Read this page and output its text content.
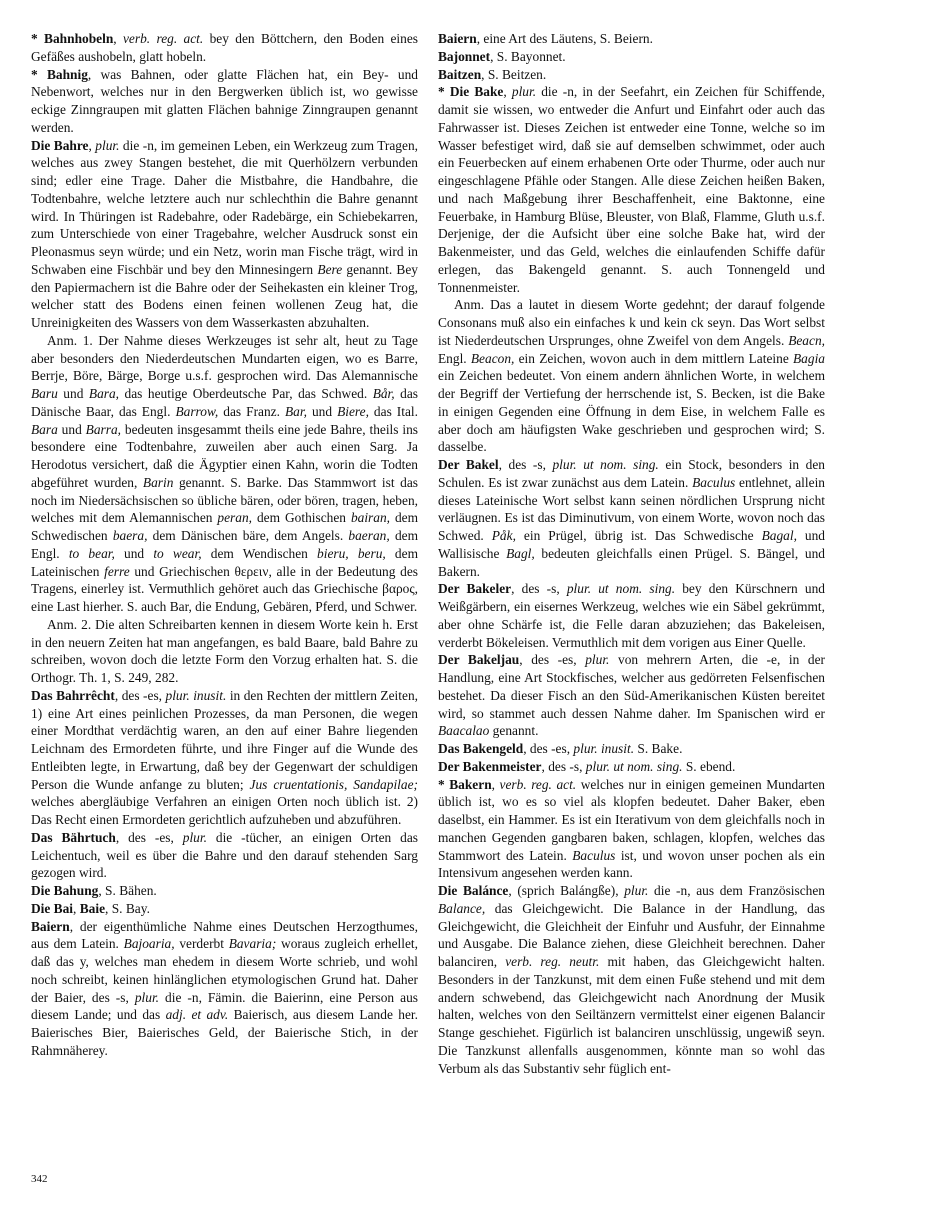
* Bahnhobeln, verb. reg. act. bey den Böttchern, den Boden eines Gefäßes aushobeln, glatt hobeln.

* Bahnig, was Bahnen, oder glatte Flächen hat, ein Bey- und Nebenwort, welches nur in den Bergwerken üblich ist, wo gewisse eckige Zinngraupen mit glatten Flächen bahnige Zinngraupen genannt werden.

Die Bahre, plur. die -n, im gemeinen Leben, ein Werkzeug zum Tragen, welches aus zwey Stangen bestehet, die mit Querhölzern verbunden sind; edler eine Trage. Daher die Mistbahre, die Handbahre, die Todtenbahre, welche letztere auch nur schlechthin die Bahre genannt wird. In Thüringen ist Radebahre, oder Radebärge, ein Schiebekarren, zum Unterschiede von einer Tragebahre, welcher Ausdruck sonst ein Pleonasmus seyn würde; und ein Netz, worin man Fische trägt, wird in Schwaben eine Fischbär und bey den Minnesingern Bere genannt. Bey den Papiermachern ist die Bahre oder der Seihekasten ein kleiner Trog, welcher statt des Bodens einen feinen wollenen Zeug hat, die Unreinigkeiten des Wassers von dem Wasserkasten abzuhalten.

Anm. 1. Der Nahme dieses Werkzeuges ist sehr alt, heut zu Tage aber besonders den Niederdeutschen Mundarten eigen, wo es Barre, Berrje, Böre, Bärge, Borge u.s.f. gesprochen wird. Das Alemannische Baru und Bara, das heutige Oberdeutsche Par, das Schwed. Bår, das Dänische Baar, das Engl. Barrow, das Franz. Bar, und Biere, das Ital. Bara und Barra, bedeuten insgesammt theils eine jede Bahre, theils ins besondere eine Todtenbahre, zuweilen aber auch einen Sarg. Ja Herodotus versichert, daß die Ägyptier einen Kahn, worin die Todten abgeführet wurden, Barin genannt. S. Barke. Das Stammwort ist das noch im Niedersächsischen so übliche bären, oder bören, tragen, heben, welches mit dem Alemannischen peran, dem Gothischen bairan, dem Schwedischen baera, dem Dänischen bäre, dem Angels. baeran, dem Engl. to bear, und to wear, dem Wendischen bieru, beru, dem Lateinischen ferre und Griechischen θερειν, alle in der Bedeutung des Tragens, einerley ist. Vermuthlich gehöret auch das Griechische βαρος, eine Last hierher. S. auch Bar, die Endung, Gebären, Pferd, und Schwer.

Anm. 2. Die alten Schreibarten kennen in diesem Worte kein h. Erst in den neuern Zeiten hat man angefangen, es bald Baare, bald Bahre zu schreiben, wovon doch die letzte Form den Vorzug erhalten hat. S. die Orthogr. Th. 1, S. 249, 282.

Das Bahrrêcht, des -es, plur. inusit. in den Rechten der mittlern Zeiten, 1) eine Art eines peinlichen Prozesses, da man Personen, die wegen einer Mordthat verdächtig waren, an den auf einer Bahre liegenden Leichnam des Ermordeten führte, und ihre Finger auf die Wunde des Entleibten legte, in Erwartung, daß bey der Gegenwart der schuldigen Person die Wunde anfange zu bluten; Jus cruentationis, Sandapilae; welches abergläubige Verfahren an einigen Orten noch üblich ist. 2) Das Recht einen Ermordeten gerichtlich aufzuheben und abzuführen.

Das Bährtuch, des -es, plur. die -tücher, an einigen Orten das Leichentuch, weil es über die Bahre und den darauf stehenden Sarg gezogen wird.

Die Bahung, S. Bähen.

Die Bai, Baie, S. Bay.

Baiern, der eigenthümliche Nahme eines Deutschen Herzogthumes, aus dem Latein. Bajoaria, verderbt Bavaria; woraus zugleich erhellet, daß das y, welches man ehedem in diesem Worte schrieb, und wohl noch schreibt, keinen hinlänglichen etymologischen Grund hat. Daher der Baier, des -s, plur. die -n, Fämin. die Baierinn, eine Person aus diesem Lande; und das adj. et adv. Baierisch, aus diesem Lande her. Baierisches Bier, Baierisches Geld, der Baierische Stich, in der Rahmnäherey.

Baiern, eine Art des Läutens, S. Beiern.

Bajonnet, S. Bayonnet.

Baitzen, S. Beitzen.

* Die Bake, plur. die -n, in der Seefahrt, ein Zeichen für Schiffende, damit sie wissen, wo entweder die Anfurt und Einfahrt oder auch das Fahrwasser ist. Dieses Zeichen ist entweder eine Tonne, welche so im Wasser befestiget wird, daß sie auf demselben schwimmet, oder auch ein Feuerbecken auf einem erhabenen Orte oder Thurme, oder auch nur eingeschlagene Pfähle oder Stangen. Alle diese Zeichen heißen Baken, und nach Maßgebung ihrer Beschaffenheit, eine Baktonne, eine Feuerbake, in Hamburg Blüse, Bleuster, von Blaß, Flamme, Gluth u.s.f. Derjenige, der die Aufsicht über eine solche Bake hat, wird der Bakenmeister, und das Geld, welches die einlaufenden Schiffe dafür erlegen, das Bakengeld genannt. S. auch Tonnengeld und Tonnenmeister.

Anm. Das a lautet in diesem Worte gedehnt; der darauf folgende Consonans muß also ein einfaches k und kein ck seyn. Das Wort selbst ist Niederdeutschen Ursprunges, ohne Zweifel von dem Angels. Beacn, Engl. Beacon, ein Zeichen, wovon auch in dem mittlern Lateine Bagia ein Zeichen bedeutet. Von einem andern ähnlichen Worte, in welchem der Begriff der Vertiefung der herrschende ist, S. Becken, ist die Bake in einigen Gegenden eine Öffnung in dem Eise, in welchem Falle es aber doch am häufigsten Wake geschrieben und gesprochen wird; S. dasselbe.

Der Bakel, des -s, plur. ut nom. sing. ein Stock, besonders in den Schulen. Es ist zwar zunächst aus dem Latein. Baculus entlehnet, allein dieses Lateinische Wort selbst kann seinen nördlichen Ursprung nicht verläugnen. Es ist das Diminutivum, von einem Worte, wovon noch das Schwed. Påk, ein Prügel, übrig ist. Das Schwedische Bagal, und Wallisische Bagl, bedeuten gleichfalls einen Prügel. S. Bängel, und Bakern.

Der Bakeler, des -s, plur. ut nom. sing. bey den Kürschnern und Weißgärbern, ein eisernes Werkzeug, welches wie ein Säbel gekrümmt, aber ohne Schärfe ist, die Felle daran abzuziehen; das Bakeleisen, verderbt Bökeleisen. Vermuthlich mit dem vorigen aus Einer Quelle.

Der Bakeljau, des -es, plur. von mehrern Arten, die -e, in der Handlung, eine Art Stockfisches, welcher aus gedörreten Felsenfischen bestehet. Da dieser Fisch an den Süd-Amerikanischen Küsten bereitet wird, so stammet auch dessen Nahme daher. Im Spanischen wird er Baacalao genannt.

Das Bakengeld, des -es, plur. inusit. S. Bake.

Der Bakenmeister, des -s, plur. ut nom. sing. S. ebend.

* Bakern, verb. reg. act. welches nur in einigen gemeinen Mundarten üblich ist, wo es so viel als klopfen bedeutet. Daher Baker, eben daselbst, ein Hammer. Es ist ein Iterativum von dem gleichfalls noch in manchen Gegenden gangbaren baken, schlagen, klopfen, welches das Stammwort des Latein. Baculus ist, und wovon unser pochen als ein Intensivum angesehen werden kann.

Die Balánce, (sprich Balángße), plur. die -n, aus dem Französischen Balance, das Gleichgewicht. Die Balance in der Handlung, das Gleichgewicht, die Gleichheit der Einfuhr und Ausfuhr, der Einnahme und Ausgabe. Die Balance ziehen, diese Gleichheit berechnen. Daher balanciren, verb. reg. neutr. mit haben, das Gleichgewicht halten. Besonders in der Tanzkunst, mit dem einen Fuße stehend und mit dem andern schwebend, das Gleichgewicht nach Anordnung der Musik halten, welches von den Seiltänzern vermittelst einer eigenen Balancir Stange geschiehet. Figürlich ist balanciren unschlüssig, ungewiß seyn. Die Tanzkunst allenfalls ausgenommen, könnte man so wohl das Verbum als das Substantiv sehr füglich ent-

342
